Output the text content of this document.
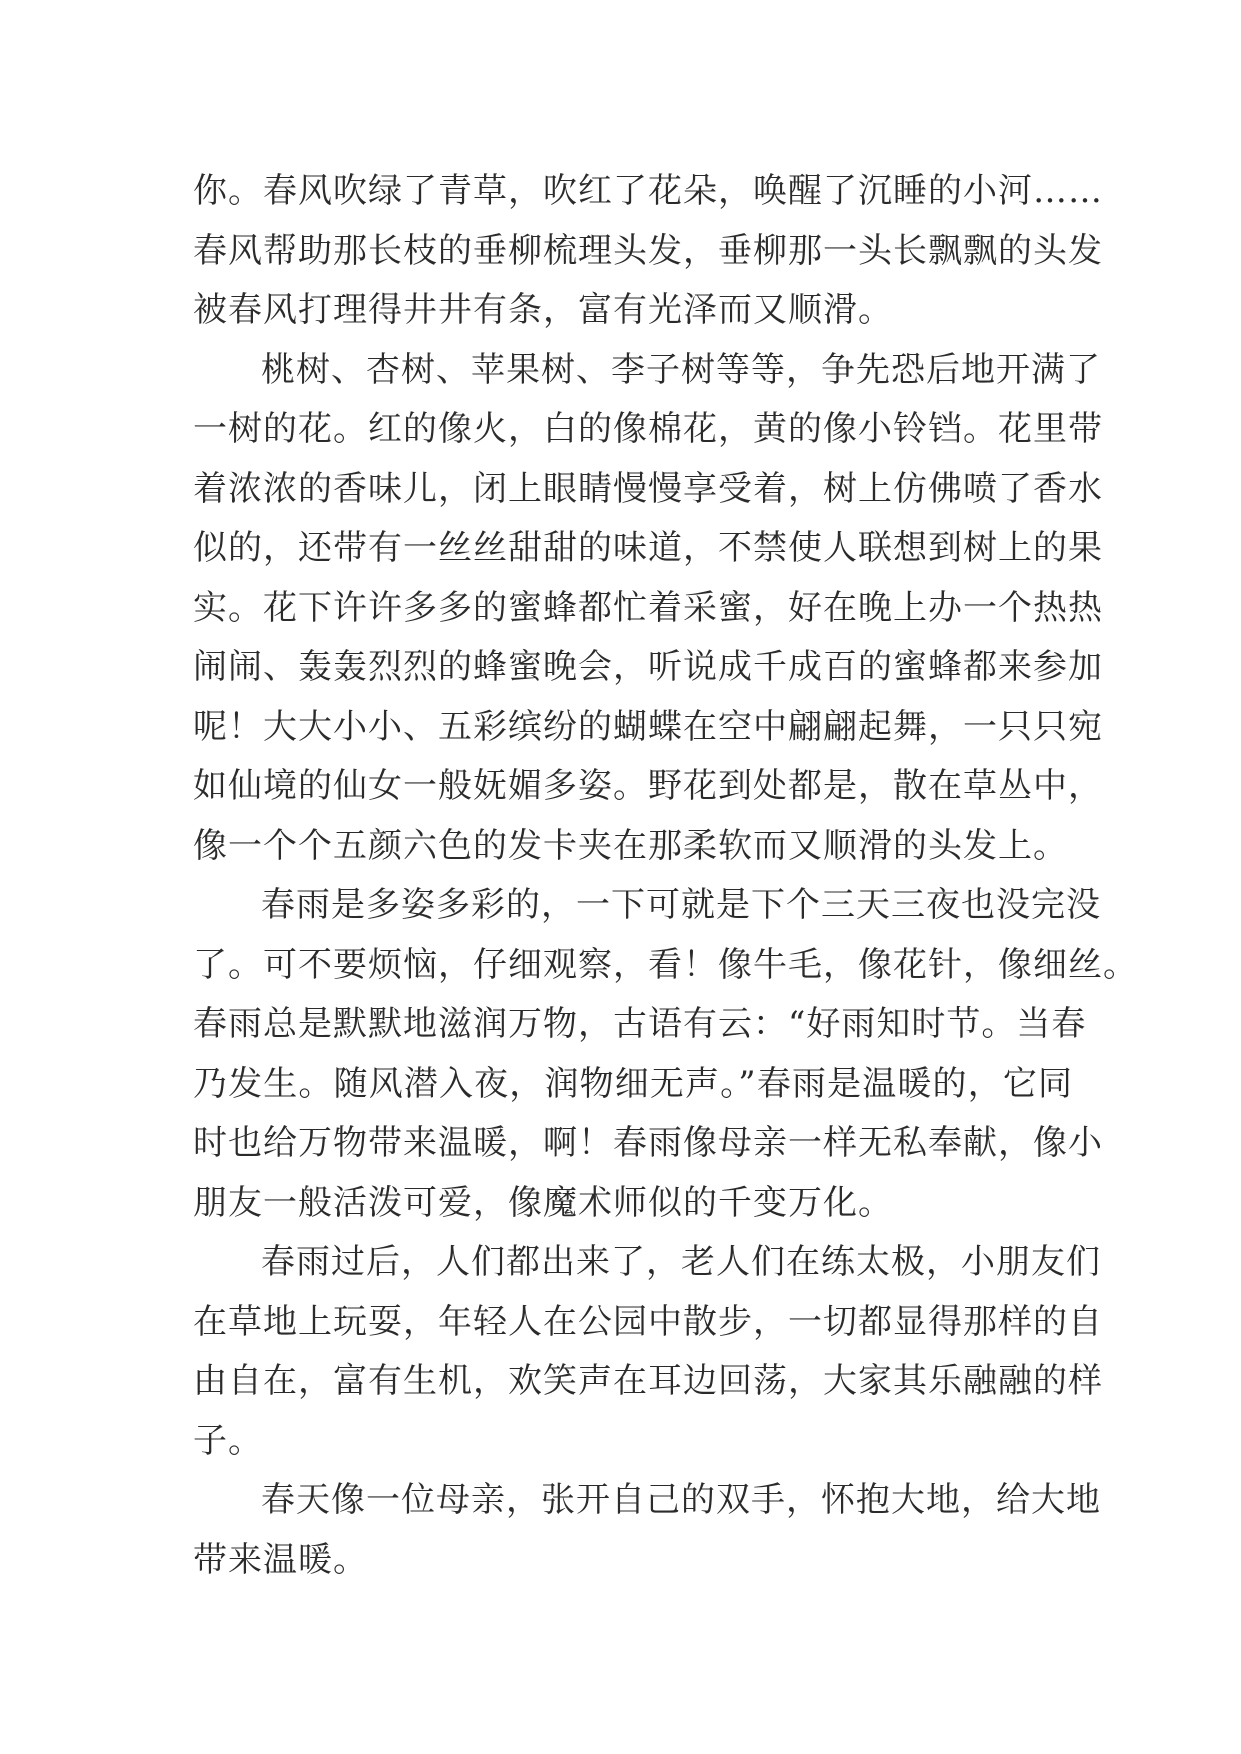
你。春风吹绿了青草，吹红了花朵，唤醒了沉睡的小河……
春风帮助那长枝的垂柳梳理头发，垂柳那一头长飘飘的头发
被春风打理得井井有条，富有光泽而又顺滑。
桃树、杏树、苹果树、李子树等等，争先恐后地开满了
一树的花。红的像火，白的像棉花，黄的像小铃铛。花里带
着浓浓的香味儿，闭上眼睛慢慢享受着，树上仿佛喷了香水
似的，还带有一丝丝甜甜的味道，不禁使人联想到树上的果
实。花下许许多多的蜜蜂都忙着采蜜，好在晚上办一个热热
闹闹、轰轰烈烈的蜂蜜晚会，听说成千成百的蜜蜂都来参加
呢！大大小小、五彩缤纷的蝴蝶在空中翩翩起舞，一只只宛
如仙境的仙女一般妩媚多姿。野花到处都是，散在草丛中，
像一个个五颜六色的发卡夹在那柔软而又顺滑的头发上。
春雨是多姿多彩的，一下可就是下个三天三夜也没完没
了。可不要烦恼，仔细观察，看！像牛毛，像花针，像细丝。
春雨总是默默地滋润万物，古语有云：“好雨知时节。当春
乃发生。随风潜入夜，润物细无声。”春雨是温暖的，它同
时也给万物带来温暖，啊！春雨像母亲一样无私奉献，像小
朋友一般活泼可爱，像魔术师似的千变万化。
春雨过后，人们都出来了，老人们在练太极，小朋友们
在草地上玩耍，年轻人在公园中散步，一切都显得那样的自
由自在，富有生机，欢笑声在耳边回荡，大家其乐融融的样
子。
春天像一位母亲，张开自己的双手，怀抱大地，给大地
带来温暖。
